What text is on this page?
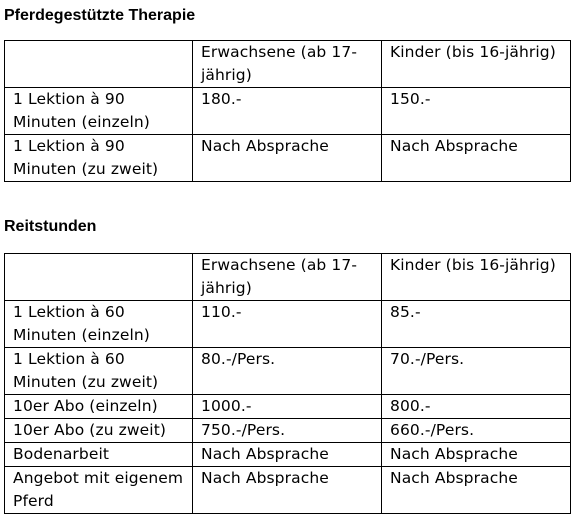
Pferdegestützte Therapie

	Erwachsene (ab 17-jährig)	Kinder (bis 16-jährig)

1 Lektion à 90 Minuten (einzeln)	180.-	150.-

1 Lektion à 90 Minuten (zu zweit)	Nach Absprache	Nach Absprache
Reitstunden

	Erwachsene (ab 17-jährig)	Kinder (bis 16-jährig)

1 Lektion à 60 Minuten (einzeln)	110.-	85.-

1 Lektion à 60 Minuten (zu zweit)	80.-/Pers.	70.-/Pers.

10er Abo (einzeln)	1000.-	800.-

10er Abo (zu zweit)	750.-/Pers.	660.-/Pers.

Bodenarbeit	Nach Absprache	Nach Absprache

Angebot mit eigenem Pferd	Nach Absprache	Nach Absprache
